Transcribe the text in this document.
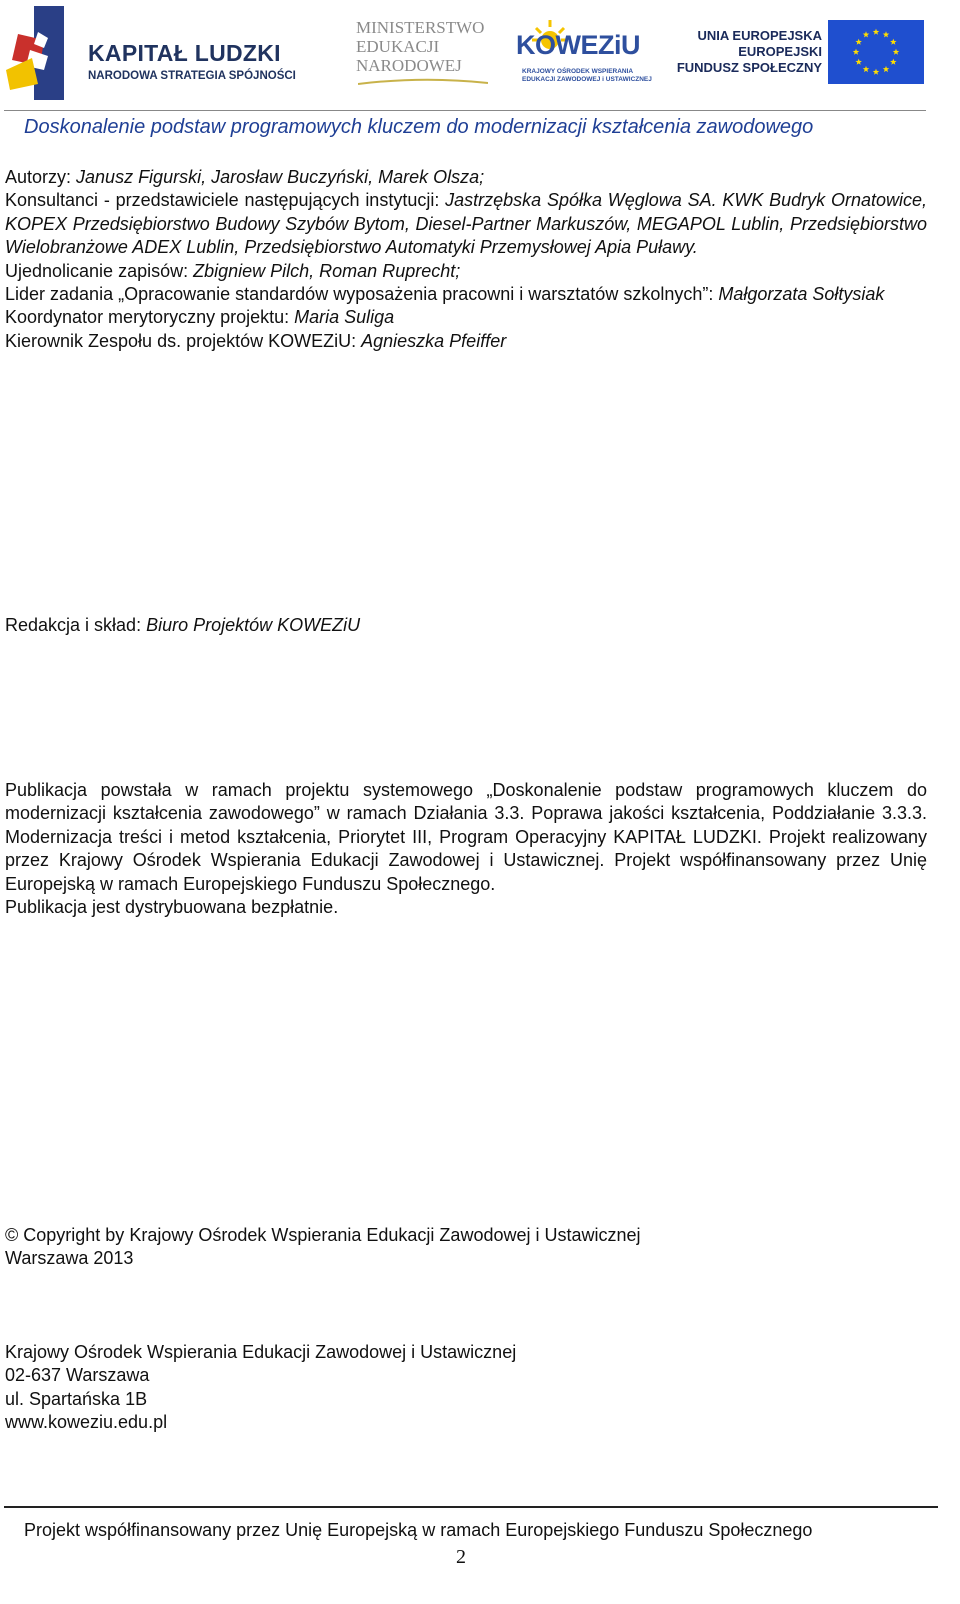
KAPITAŁ LUDZKI
NARODOWA STRATEGIA SPÓJNOŚCI
MINISTERSTWO
EDUKACJI
NARODOWEJ
KOWEZiU
KRAJOWY OŚRODEK WSPIERANIA
EDUKACJI ZAWODOWEJ i USTAWICZNEJ
UNIA EUROPEJSKA
EUROPEJSKI
FUNDUSZ SPOŁECZNY
Doskonalenie podstaw programowych kluczem do modernizacji kształcenia zawodowego

Autorzy: Janusz Figurski, Jarosław Buczyński, Marek Olsza;

Konsultanci - przedstawiciele następujących instytucji: Jastrzębska Spółka Węglowa SA. KWK Budryk Ornatowice, KOPEX Przedsiębiorstwo Budowy Szybów Bytom, Diesel-Partner Markuszów, MEGAPOL Lublin, Przedsiębiorstwo Wielobranżowe ADEX Lublin, Przedsiębiorstwo Automatyki Przemysłowej Apia Puławy.

Ujednolicanie zapisów: Zbigniew Pilch, Roman Ruprecht;

Lider zadania „Opracowanie standardów wyposażenia pracowni i warsztatów szkolnych”: Małgorzata Sołtysiak

Koordynator merytoryczny projektu: Maria Suliga

Kierownik Zespołu ds. projektów KOWEZiU: Agnieszka Pfeiffer

Redakcja i skład: Biuro Projektów KOWEZiU

Publikacja powstała w ramach projektu systemowego „Doskonalenie podstaw programowych kluczem do modernizacji kształcenia zawodowego” w ramach Działania 3.3. Poprawa jakości kształcenia, Poddziałanie 3.3.3. Modernizacja treści i metod kształcenia, Priorytet III, Program Operacyjny KAPITAŁ LUDZKI. Projekt realizowany przez Krajowy Ośrodek Wspierania Edukacji Zawodowej i Ustawicznej. Projekt współfinansowany przez Unię Europejską w ramach Europejskiego Funduszu Społecznego.

Publikacja jest dystrybuowana bezpłatnie.

© Copyright by Krajowy Ośrodek Wspierania Edukacji Zawodowej i Ustawicznej

Warszawa 2013

Krajowy Ośrodek Wspierania Edukacji Zawodowej i Ustawicznej

02-637 Warszawa

ul. Spartańska 1B

www.koweziu.edu.pl

Projekt współfinansowany przez Unię Europejską w ramach Europejskiego Funduszu Społecznego
2
